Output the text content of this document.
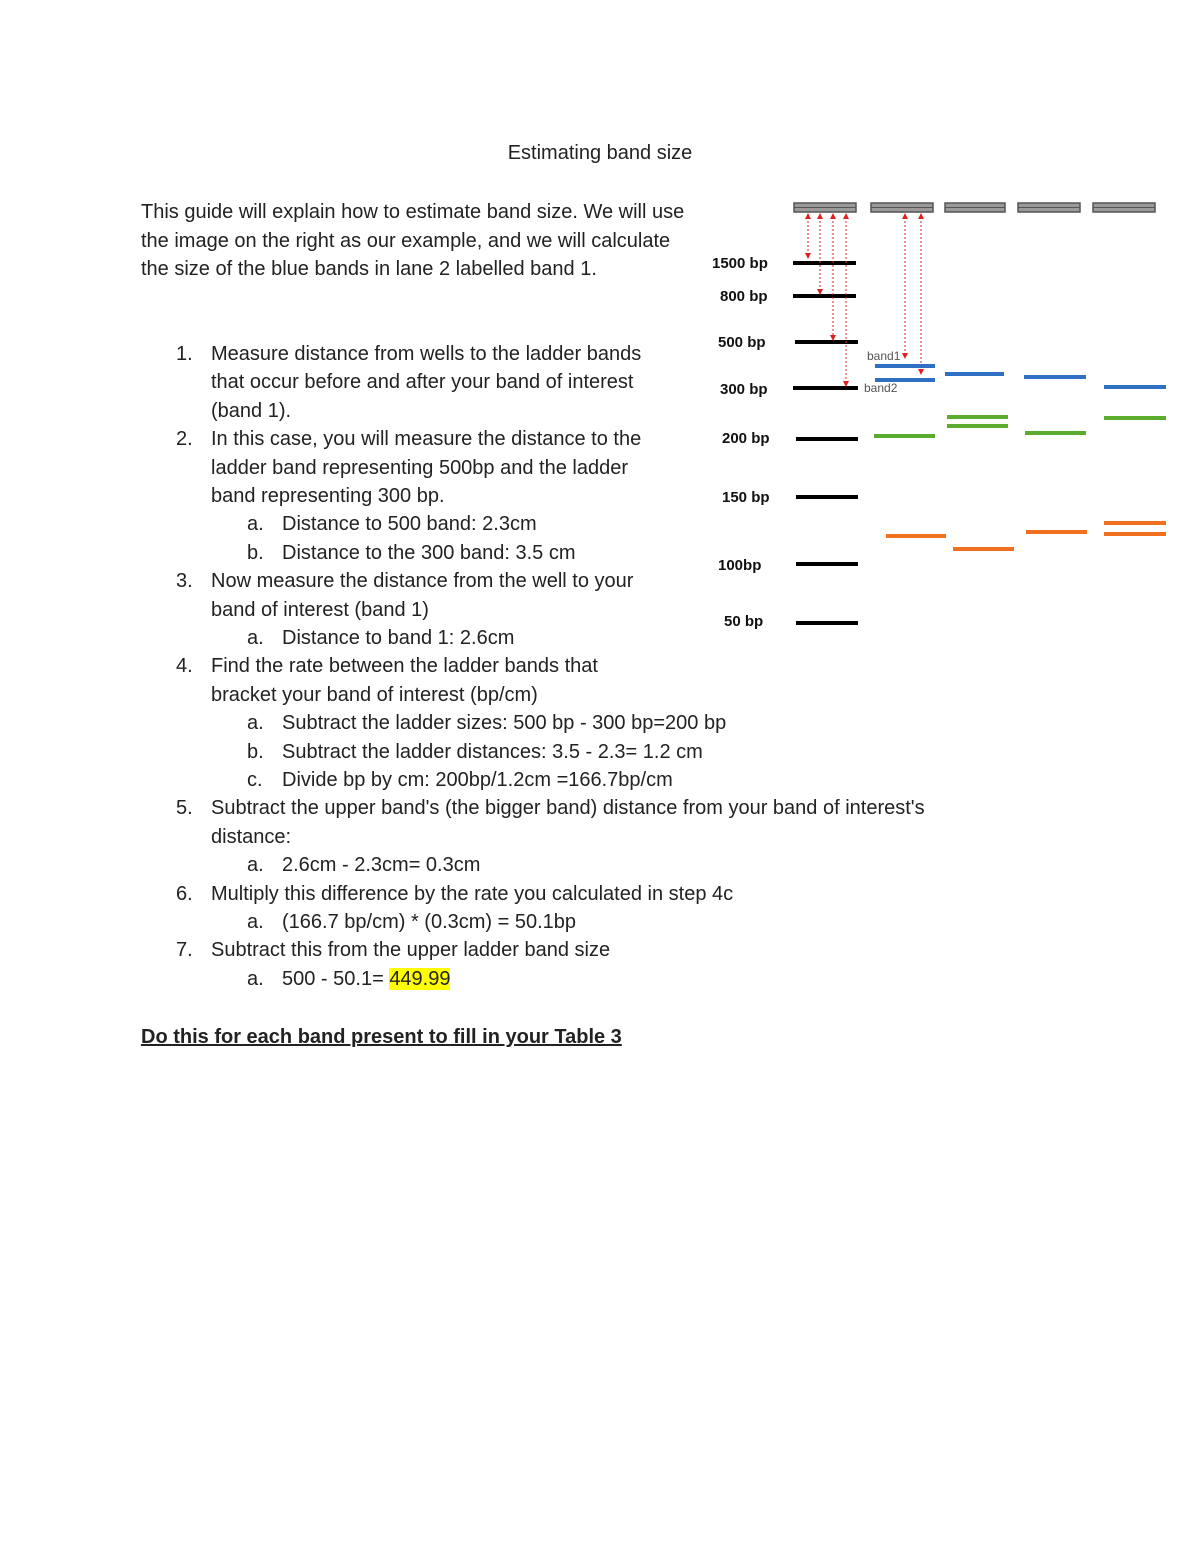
Estimating band size
This guide will explain how to estimate band size. We will use the image on the right as our example, and we will calculate the size of the blue bands in lane 2 labelled band 1.
1. Measure distance from wells to the ladder bands
that occur before and after your band of interest
(band 1).
2. In this case, you will measure the distance to the
ladder band representing 500bp and the ladder
band representing 300 bp.
a. Distance to 500 band: 2.3cm
b. Distance to the 300 band: 3.5 cm
3. Now measure the distance from the well to your
band of interest (band 1)
a. Distance to band 1: 2.6cm
4. Find the rate between the ladder bands that
bracket your band of interest (bp/cm)
a. Subtract the ladder sizes: 500 bp - 300 bp=200 bp
b. Subtract the ladder distances: 3.5 - 2.3= 1.2 cm
c. Divide bp by cm: 200bp/1.2cm =166.7bp/cm
5. Subtract the upper band's (the bigger band) distance from your band of interest's
distance:
a. 2.6cm - 2.3cm= 0.3cm
6. Multiply this difference by the rate you calculated in step 4c
a. (166.7 bp/cm) * (0.3cm) = 50.1bp
7. Subtract this from the upper ladder band size
a. 500 - 50.1= 449.99
Do this for each band present to fill in your Table 3
1500 bp
800 bp
500 bp
300 bp
200 bp
150 bp
100bp
50 bp
band1
band2
